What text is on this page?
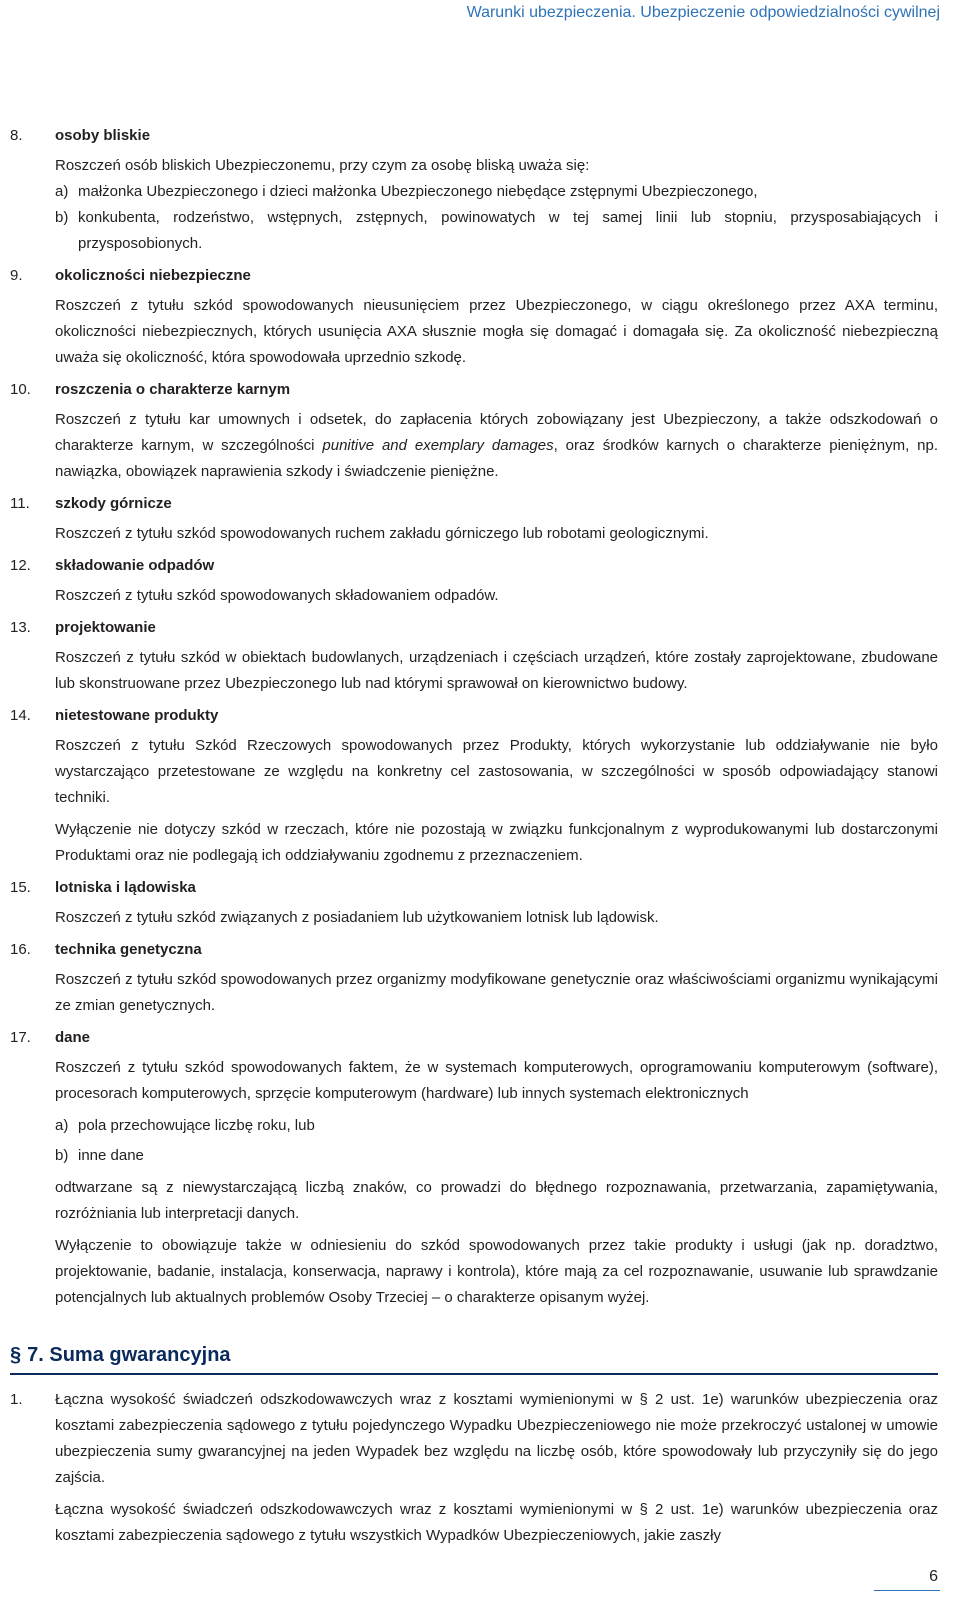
Warunki ubezpieczenia. Ubezpieczenie odpowiedzialności cywilnej
8. osoby bliskie

Roszczeń osób bliskich Ubezpieczonemu, przy czym za osobę bliską uważa się:

a) małżonka Ubezpieczonego i dzieci małżonka Ubezpieczonego niebędące zstępnymi Ubezpieczonego,
b) konkubenta, rodzeństwo, wstępnych, zstępnych, powinowatych w tej samej linii lub stopniu, przysposabiających i przysposobionych.
9. okoliczności niebezpieczne

Roszczeń z tytułu szkód spowodowanych nieusunięciem przez Ubezpieczonego, w ciągu określonego przez AXA terminu, okoliczności niebezpiecznych, których usunięcia AXA słusznie mogła się domagać i domagała się. Za okoliczność niebezpieczną uważa się okoliczność, która spowodowała uprzednio szkodę.

10. roszczenia o charakterze karnym

Roszczeń z tytułu kar umownych i odsetek, do zapłacenia których zobowiązany jest Ubezpieczony, a także odszkodowań o charakterze karnym, w szczególności punitive and exemplary damages, oraz środków karnych o charakterze pieniężnym, np. nawiązka, obowiązek naprawienia szkody i świadczenie pieniężne.

11. szkody górnicze

Roszczeń z tytułu szkód spowodowanych ruchem zakładu górniczego lub robotami geologicznymi.

12. składowanie odpadów

Roszczeń z tytułu szkód spowodowanych składowaniem odpadów.

13. projektowanie

Roszczeń z tytułu szkód w obiektach budowlanych, urządzeniach i częściach urządzeń, które zostały zaprojektowane, zbudowane lub skonstruowane przez Ubezpieczonego lub nad którymi sprawował on kierownictwo budowy.

14. nietestowane produkty

Roszczeń z tytułu Szkód Rzeczowych spowodowanych przez Produkty, których wykorzystanie lub oddziaływanie nie było wystarczająco przetestowane ze względu na konkretny cel zastosowania, w szczególności w sposób odpowiadający stanowi techniki.

Wyłączenie nie dotyczy szkód w rzeczach, które nie pozostają w związku funkcjonalnym z wyprodukowanymi lub dostarczonymi Produktami oraz nie podlegają ich oddziaływaniu zgodnemu z przeznaczeniem.

15. lotniska i lądowiska

Roszczeń z tytułu szkód związanych z posiadaniem lub użytkowaniem lotnisk lub lądowisk.

16. technika genetyczna

Roszczeń z tytułu szkód spowodowanych przez organizmy modyfikowane genetycznie oraz właściwościami organizmu wynikającymi ze zmian genetycznych.

17. dane

Roszczeń z tytułu szkód spowodowanych faktem, że w systemach komputerowych, oprogramowaniu komputerowym (software), procesorach komputerowych, sprzęcie komputerowym (hardware) lub innych systemach elektronicznych

a) pola przechowujące liczbę roku, lub
b) inne dane

odtwarzane są z niewystarczającą liczbą znaków, co prowadzi do błędnego rozpoznawania, przetwarzania, zapamiętywania, rozróżniania lub interpretacji danych.

Wyłączenie to obowiązuje także w odniesieniu do szkód spowodowanych przez takie produkty i usługi (jak np. doradztwo, projektowanie, badanie, instalacja, konserwacja, naprawy i kontrola), które mają za cel rozpoznawanie, usuwanie lub sprawdzanie potencjalnych lub aktualnych problemów Osoby Trzeciej – o charakterze opisanym wyżej.

§ 7. Suma gwarancyjna
1. Łączna wysokość świadczeń odszkodowawczych wraz z kosztami wymienionymi w § 2 ust. 1e) warunków ubezpieczenia oraz kosztami zabezpieczenia sądowego z tytułu pojedynczego Wypadku Ubezpieczeniowego nie może przekroczyć ustalonej w umowie ubezpieczenia sumy gwarancyjnej na jeden Wypadek bez względu na liczbę osób, które spowodowały lub przyczyniły się do jego zajścia.

Łączna wysokość świadczeń odszkodowawczych wraz z kosztami wymienionymi w § 2 ust. 1e) warunków ubezpieczenia oraz kosztami zabezpieczenia sądowego z tytułu wszystkich Wypadków Ubezpieczeniowych, jakie zaszły

6
